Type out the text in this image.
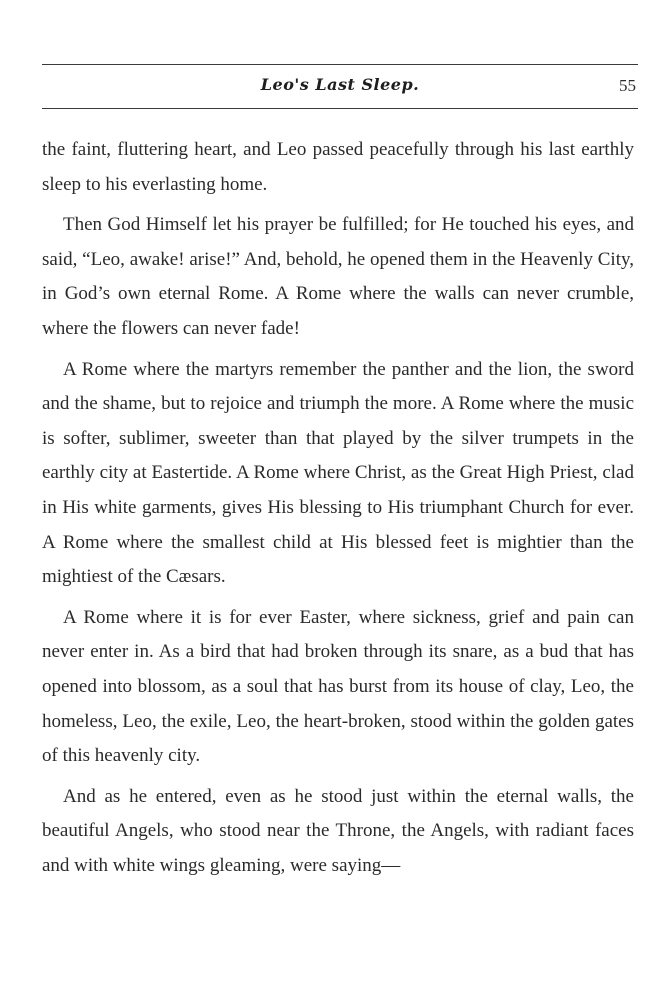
Leo's Last Sleep.	55

the faint, fluttering heart, and Leo passed peacefully through his last earthly sleep to his everlasting home.

Then God Himself let his prayer be fulfilled; for He touched his eyes, and said, “Leo, awake! arise!” And, behold, he opened them in the Heavenly City, in God’s own eternal Rome. A Rome where the walls can never crumble, where the flowers can never fade!

A Rome where the martyrs remember the panther and the lion, the sword and the shame, but to rejoice and triumph the more. A Rome where the music is softer, sublimer, sweeter than that played by the silver trumpets in the earthly city at Eastertide. A Rome where Christ, as the Great High Priest, clad in His white garments, gives His blessing to His triumphant Church for ever. A Rome where the smallest child at His blessed feet is mightier than the mightiest of the Cæsars.

A Rome where it is for ever Easter, where sickness, grief and pain can never enter in. As a bird that had broken through its snare, as a bud that has opened into blossom, as a soul that has burst from its house of clay, Leo, the homeless, Leo, the exile, Leo, the heart-broken, stood within the golden gates of this heavenly city.

And as he entered, even as he stood just within the eternal walls, the beautiful Angels, who stood near the Throne, the Angels, with radiant faces and with white wings gleaming, were saying—
